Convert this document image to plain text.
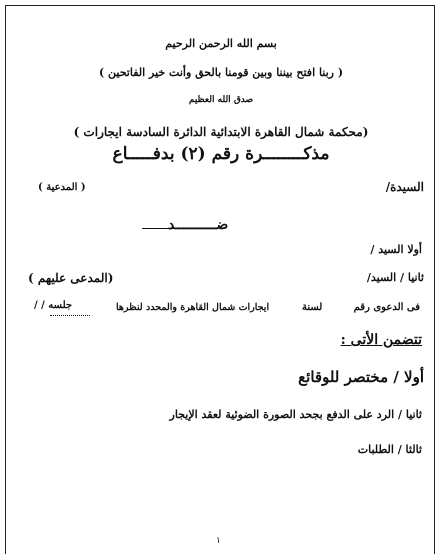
بسم الله الرحمن الرحيم
( ربنا افتح بيننا وبين قومنا بالحق وأنت خير الفاتحين )
صدق الله العظيم
(محكمة شمال القاهرة الابتدائية الدائرة السادسة ايجارات )
مذكــــــــرة رقم (٢) بدفـــــاع
السيدة/
( المدعية )
ضــــــــــد
أولا السيد /
ثانيا / السيد/
(المدعى عليهم )
فى الدعوى رقم
لسنة
ايجارات شمال القاهرة والمحدد لنظرها
جلسه / /
تتضمن الأتى :
أولا / مختصر للوقائع
ثانيا / الرد على الدفع بجحد الصورة الضوئية لعقد الإيجار
ثالثا / الطلبات
١
